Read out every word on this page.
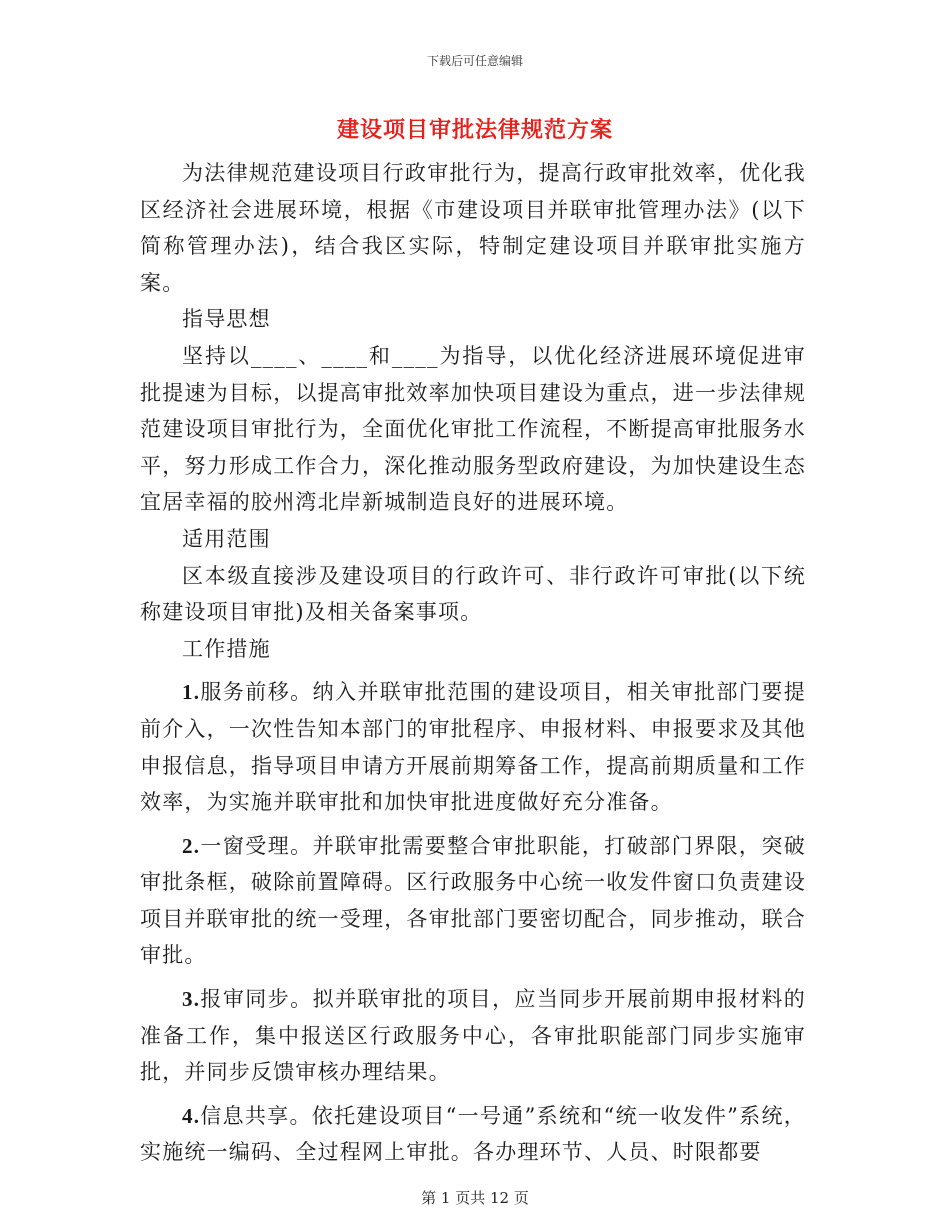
下载后可任意编辑
建设项目审批法律规范方案

为法律规范建设项目行政审批行为，提高行政审批效率，优化我区经济社会进展环境，根据《市建设项目并联审批管理办法》(以下简称管理办法)，结合我区实际，特制定建设项目并联审批实施方案。

指导思想

坚持以____、____和____为指导，以优化经济进展环境促进审批提速为目标，以提高审批效率加快项目建设为重点，进一步法律规范建设项目审批行为，全面优化审批工作流程，不断提高审批服务水平，努力形成工作合力，深化推动服务型政府建设，为加快建设生态宜居幸福的胶州湾北岸新城制造良好的进展环境。

适用范围

区本级直接涉及建设项目的行政许可、非行政许可审批(以下统称建设项目审批)及相关备案事项。

工作措施

1.服务前移。纳入并联审批范围的建设项目，相关审批部门要提前介入，一次性告知本部门的审批程序、申报材料、申报要求及其他申报信息，指导项目申请方开展前期筹备工作，提高前期质量和工作效率，为实施并联审批和加快审批进度做好充分准备。

2.一窗受理。并联审批需要整合审批职能，打破部门界限，突破审批条框，破除前置障碍。区行政服务中心统一收发件窗口负责建设项目并联审批的统一受理，各审批部门要密切配合，同步推动，联合审批。

3.报审同步。拟并联审批的项目，应当同步开展前期申报材料的准备工作，集中报送区行政服务中心，各审批职能部门同步实施审批，并同步反馈审核办理结果。

4.信息共享。依托建设项目“一号通”系统和“统一收发件”系统，实施统一编码、全过程网上审批。各办理环节、人员、时限都要

第 1 页共 12 页
